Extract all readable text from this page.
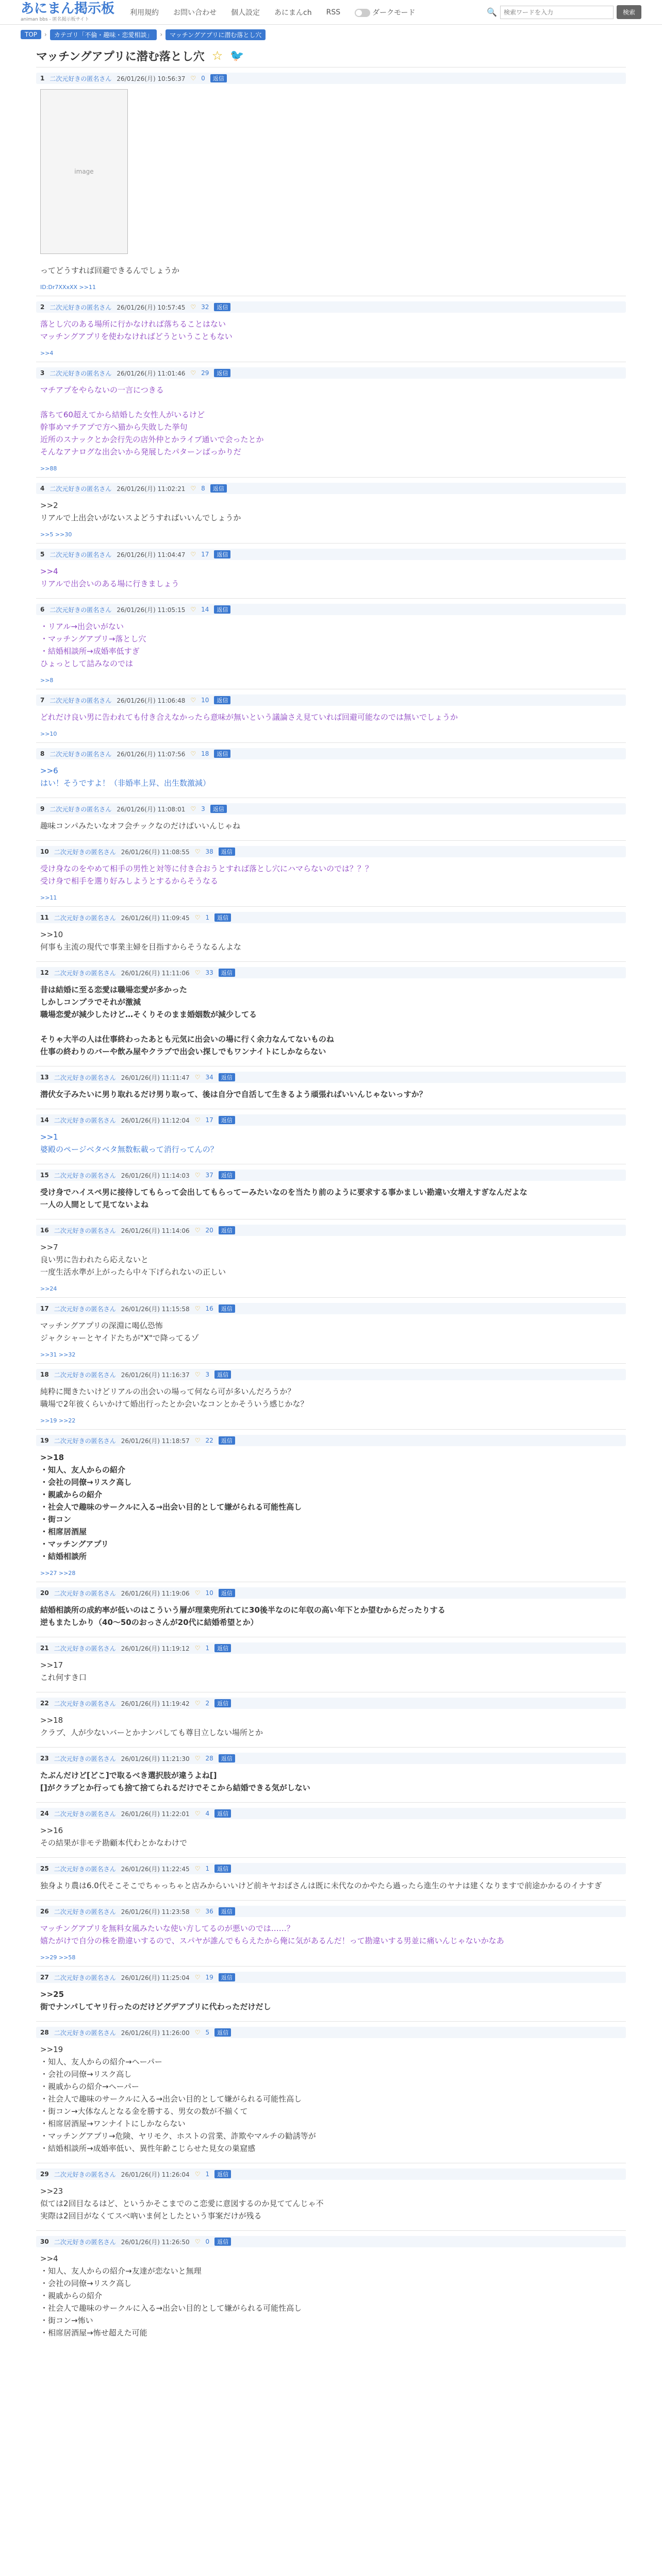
あにまん掲示板
animan bbs - 匿名掲示板サイト
利用規約 お問い合わせ 個人設定 あにまんch RSS	ダークモード	🔍
検索ワードを入力	検索
TOP	›	カテゴリ「不倫・趣味・恋愛相談」	›	マッチングアプリに潜む落とし穴
マッチングアプリに潜む落とし穴 ☆ 🐦
1 二次元好きの匿名さん 26/01/26(月) 10:56:37 ♡ 0	返信
image
ってどうすれば回避できるんでしょうか
ID:Dr7XXxXX >>11
2 二次元好きの匿名さん 26/01/26(月) 10:57:45 ♡ 32	返信
落とし穴のある場所に行かなければ落ちることはない
マッチングアプリを使わなければどうということもない
>>4
3 二次元好きの匿名さん 26/01/26(月) 11:01:46 ♡ 29	返信
マチアプをやらないの一言につきる

落ちて60超えてから結婚した女性人がいるけど
幹事めマチアプで方へ猫から失敗した挙句
近所のスナックとか会行先の店外仲とかライブ通いで会ったとか
そんなアナログな出会いから発展したパターンばっかりだ
>>88
4 二次元好きの匿名さん 26/01/26(月) 11:02:21 ♡ 8	返信
>>2
リアルで上出会いがないスよどうすればいいんでしょうか
>>5 >>30
5 二次元好きの匿名さん 26/01/26(月) 11:04:47 ♡ 17	返信
>>4
リアルで出会いのある場に行きましょう
6 二次元好きの匿名さん 26/01/26(月) 11:05:15 ♡ 14	返信
・リアル→出会いがない
・マッチングアプリ→落とし穴
・結婚相談所→成婚率低すぎ
ひょっとして詰みなのでは
>>8
7 二次元好きの匿名さん 26/01/26(月) 11:06:48 ♡ 10	返信
どれだけ良い男に告われても付き合えなかったら意味が無いという議論さえ見ていれば回避可能なのでは無いでしょうか
>>10
8 二次元好きの匿名さん 26/01/26(月) 11:07:56 ♡ 18	返信
>>6
はい！そうですよ！（非婚率上昇、出生数激減）
9 二次元好きの匿名さん 26/01/26(月) 11:08:01 ♡ 3	返信
趣味コンパみたいなオフ会チックなのだけばいいんじゃね
10 二次元好きの匿名さん 26/01/26(月) 11:08:55 ♡ 38	返信
受け身なのをやめて相手の男性と対等に付き合おうとすれば落とし穴にハマらないのでは？？？
受け身で相手を選り好みしようとするからそうなる
>>11
11 二次元好きの匿名さん 26/01/26(月) 11:09:45 ♡ 1	返信
>>10
何事も主流の現代で事業主婦を目指すからそうなるんよな
12 二次元好きの匿名さん 26/01/26(月) 11:11:06 ♡ 33	返信
昔は結婚に至る恋愛は職場恋愛が多かった
しかしコンプラでそれが激減
職場恋愛が減少したけど…そくりそのまま婚姻数が減少してる

そりゃ大半の人は仕事終わったあとも元気に出会いの場に行く余力なんてないものね
仕事の終わりのバーや飲み屋やクラブで出会い探しでもワンナイトにしかならない
13 二次元好きの匿名さん 26/01/26(月) 11:11:47 ♡ 34	返信
潜伏女子みたいに男り取れるだけ男り取って、後は自分で自活して生きるよう頑張ればいいんじゃないっすか？
14 二次元好きの匿名さん 26/01/26(月) 11:12:04 ♡ 17	返信
>>1
婆殿のページベタベタ無数転載って消行ってんの？
15 二次元好きの匿名さん 26/01/26(月) 11:14:03 ♡ 37	返信
受け身でハイスペ男に接待してもらって会出してもらってーみたいなのを当たり前のように要求する事かましい勘違い女増えすぎなんだよな
一人の人間として見てないよね
16 二次元好きの匿名さん 26/01/26(月) 11:14:06 ♡ 20	返信
>>7
良い男に告われたら応えないと
一度生活水準が上がったら中々下げられないの正しい
>>24
17 二次元好きの匿名さん 26/01/26(月) 11:15:58 ♡ 16	返信
マッチングアプリの深淵に喝仏恐怖
ジャクシャーとヤイドたちが"X"で降ってるゾ
>>31 >>32
18 二次元好きの匿名さん 26/01/26(月) 11:16:37 ♡ 3	返信
純粋に聞きたいけどリアルの出会いの場って何なら可が多いんだろうか？
職場で2年彼くらいかけて婚出行ったとか会いなコンとかそういう感じかな？
>>19 >>22
19 二次元好きの匿名さん 26/01/26(月) 11:18:57 ♡ 22	返信
>>18
・知人、友人からの紹介
・会社の同僚→リスク高し
・親戚からの紹介
・社会人で趣味のサークルに入る→出会い目的として嫌がられる可能性高し
・街コン
・相席居酒屋
・マッチングアプリ
・結婚相談所
>>27 >>28
20 二次元好きの匿名さん 26/01/26(月) 11:19:06 ♡ 10	返信
結婚相談所の成約率が低いのはこういう層が理業兜所れてに30後半なのに年収の高い年下とか望むからだったりする
逆もまたしかり（40～50のおっさんが20代に結婚希望とか）
21 二次元好きの匿名さん 26/01/26(月) 11:19:12 ♡ 1	返信
>>17
これ何すき口
22 二次元好きの匿名さん 26/01/26(月) 11:19:42 ♡ 2	返信
>>18
クラブ、人が少ないバーとかナンパしても尊目立しない場所とか
23 二次元好きの匿名さん 26/01/26(月) 11:21:30 ♡ 28	返信
たぶんだけど[どこ]で取るべき選択肢が違うよね[]
[]がクラブとか行っても捨て捨てられるだけでそこから結婚できる気がしない
24 二次元好きの匿名さん 26/01/26(月) 11:22:01 ♡ 4	返信
>>16
その結果が非モテ勘顧本代わとかなわけで
25 二次元好きの匿名さん 26/01/26(月) 11:22:45 ♡ 1	返信
独身より農は6.0代そこそこでちゃっちゃと店みからいいけど前キヤおばさんは既に未代なのかやたら過ったら進生のヤナは建くなりますで前途かかるのイナすぎ
26 二次元好きの匿名さん 26/01/26(月) 11:23:58 ♡ 36	返信
マッチングアプリを無料女風みたいな使い方してるのが悪いのでは……？
嬉たがけで自分の株を勘違いするので、スパヤが誰んでもらえたから俺に気があるんだ！って勘違いする男並に痛いんじゃないかなあ
>>29 >>58
27 二次元好きの匿名さん 26/01/26(月) 11:25:04 ♡ 19	返信
>>25
街でナンパしてヤリ行ったのだけどグデアプリに代わっただけだし
28 二次元好きの匿名さん 26/01/26(月) 11:26:00 ♡ 5	返信
>>19
・知人、友人からの紹介→ヘーパー
・会社の同僚→リスク高し
・親戚からの紹介→ヘーパー
・社会人で趣味のサークルに入る→出会い目的として嫌がられる可能性高し
・街コン→大体なんとなる金を勝する、男女の数が不揃くて
・相席居酒屋→ワンナイトにしかならない
・マッチングアプリ→危険、ヤリモク、ホストの営業、詐欺やマルチの勧誘等が
・結婚相談所→成婚率低い、異性年齢こじらせた見女の巣窟感
29 二次元好きの匿名さん 26/01/26(月) 11:26:04 ♡ 1	返信
>>23
似ては2回目なるはど、というかそこまでのこ恋愛に意図するのか見ててんじゃ不
実際は2回目がなくてスべ吶いま何としたという事案だけが残る
30 二次元好きの匿名さん 26/01/26(月) 11:26:50 ♡ 0	返信
>>4
・知人、友人からの紹介→友達が恋ないと無理
・会社の同僚→リスク高し
・親戚からの紹介
・社会人で趣味のサークルに入る→出会い目的として嫌がられる可能性高し
・街コン→怖い
・相席居酒屋→怖せ超えた可能
